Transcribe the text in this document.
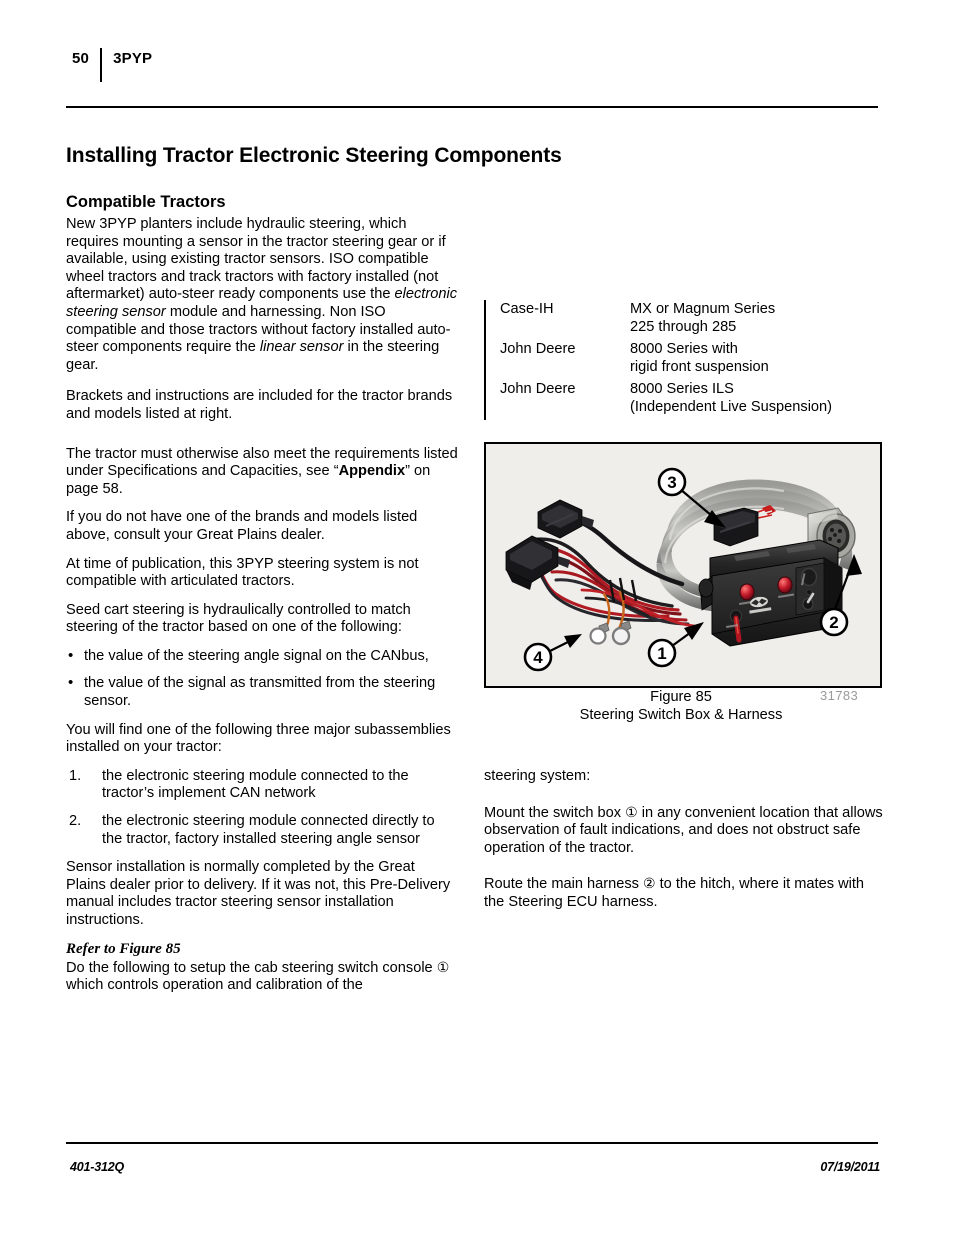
50 3PYP
Installing Tractor Electronic Steering Components
Compatible Tractors

New 3PYP planters include hydraulic steering, which requires mounting a sensor in the tractor steering gear or if available, using existing tractor sensors. ISO compatible wheel tractors and track tractors with factory installed (not aftermarket) auto-steer ready components use the electronic steering sensor module and harnessing. Non ISO compatible and those tractors without factory installed auto-steer components require the linear sensor in the steering gear.

Brackets and instructions are included for the tractor brands and models listed at right.

The tractor must otherwise also meet the requirements listed under Specifications and Capacities, see “Appendix” on page 58.

If you do not have one of the brands and models listed above, consult your Great Plains dealer.

At time of publication, this 3PYP steering system is not compatible with articulated tractors.

Seed cart steering is hydraulically controlled to match steering of the tractor based on one of the following:

• the value of the steering angle signal on the CANbus,
• the value of the signal as transmitted from the steering sensor.

You will find one of the following three major subassemblies installed on your tractor:

the electronic steering module connected to the tractor’s implement CAN network
the electronic steering module connected directly to the tractor, factory installed steering angle sensor

Sensor installation is normally completed by the Great Plains dealer prior to delivery. If it was not, this Pre-Delivery manual includes tractor steering sensor installation instructions.

Refer to Figure 85

Do the following to setup the cab steering switch console ① which controls operation and calibration of the

Case-IH	MX or Magnum Series
225 through 285
John Deere	8000 Series with
rigid front suspension
John Deere	8000 Series ILS
(Independent Live Suspension)
3
2
1
4
Figure 85
Steering Switch Box & Harness
31783

steering system:

Mount the switch box ① in any convenient location that allows observation of fault indications, and does not obstruct safe operation of the tractor.

Route the main harness ② to the hitch, where it mates with the Steering ECU harness.

401-312Q	07/19/2011
